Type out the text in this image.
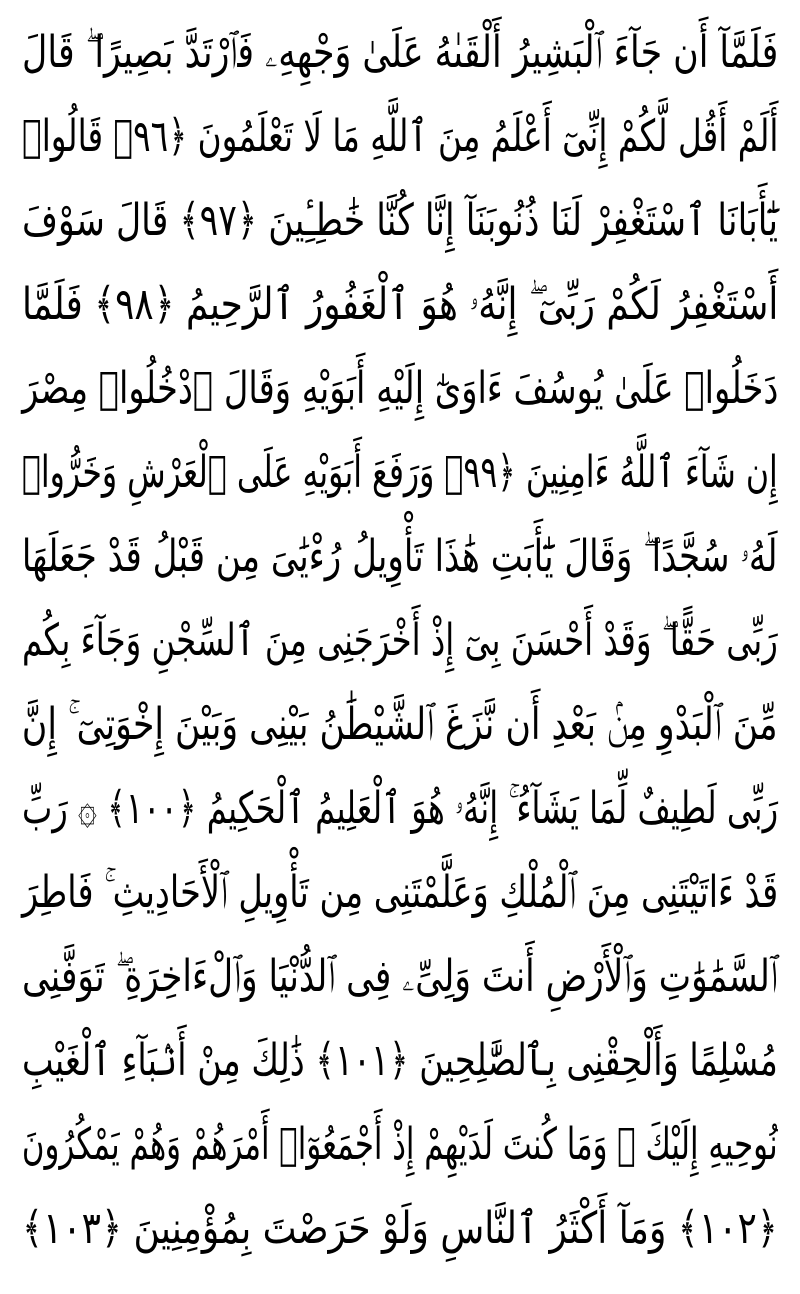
فَلَمَّآ أَن جَآءَ ٱلْبَشِيرُ أَلْقَىٰهُ عَلَىٰ وَجْهِهِۦ فَٱرْتَدَّ بَصِيرًا ۖ قَالَ
أَلَمْ أَقُل لَّكُمْ إِنِّىٓ أَعْلَمُ مِنَ ٱللَّهِ مَا لَا تَعْلَمُونَ ﴿٩٦﴾ قَالُوا۟
يَٰٓأَبَانَا ٱسْتَغْفِرْ لَنَا ذُنُوبَنَآ إِنَّا كُنَّا خَٰطِـِٔينَ ﴿٩٧﴾ قَالَ سَوْفَ
أَسْتَغْفِرُ لَكُمْ رَبِّىٓ ۖ إِنَّهُۥ هُوَ ٱلْغَفُورُ ٱلرَّحِيمُ ﴿٩٨﴾ فَلَمَّا
دَخَلُوا۟ عَلَىٰ يُوسُفَ ءَاوَىٰٓ إِلَيْهِ أَبَوَيْهِ وَقَالَ ٱدْخُلُوا۟ مِصْرَ
إِن شَآءَ ٱللَّهُ ءَامِنِينَ ﴿٩٩﴾ وَرَفَعَ أَبَوَيْهِ عَلَى ٱلْعَرْشِ وَخَرُّوا۟
لَهُۥ سُجَّدًا ۖ وَقَالَ يَٰٓأَبَتِ هَٰذَا تَأْوِيلُ رُءْيَٰىَ مِن قَبْلُ قَدْ جَعَلَهَا
رَبِّى حَقًّا ۖ وَقَدْ أَحْسَنَ بِىٓ إِذْ أَخْرَجَنِى مِنَ ٱلسِّجْنِ وَجَآءَ بِكُم
مِّنَ ٱلْبَدْوِ مِنۢ بَعْدِ أَن نَّزَغَ ٱلشَّيْطَٰنُ بَيْنِى وَبَيْنَ إِخْوَتِىٓ ۚ إِنَّ
رَبِّى لَطِيفٌ لِّمَا يَشَآءُ ۚ إِنَّهُۥ هُوَ ٱلْعَلِيمُ ٱلْحَكِيمُ ﴿١٠٠﴾ ۞ رَبِّ
قَدْ ءَاتَيْتَنِى مِنَ ٱلْمُلْكِ وَعَلَّمْتَنِى مِن تَأْوِيلِ ٱلْأَحَادِيثِ ۚ فَاطِرَ
ٱلسَّمَٰوَٰتِ وَٱلْأَرْضِ أَنتَ وَلِىِّۦ فِى ٱلدُّنْيَا وَٱلْءَاخِرَةِ ۖ تَوَفَّنِى
مُسْلِمًا وَأَلْحِقْنِى بِٱلصَّٰلِحِينَ ﴿١٠١﴾ ذَٰلِكَ مِنْ أَنۢبَآءِ ٱلْغَيْبِ
نُوحِيهِ إِلَيْكَ ۖ وَمَا كُنتَ لَدَيْهِمْ إِذْ أَجْمَعُوٓا۟ أَمْرَهُمْ وَهُمْ يَمْكُرُونَ
﴿١٠٢﴾ وَمَآ أَكْثَرُ ٱلنَّاسِ وَلَوْ حَرَصْتَ بِمُؤْمِنِينَ ﴿١٠٣﴾
